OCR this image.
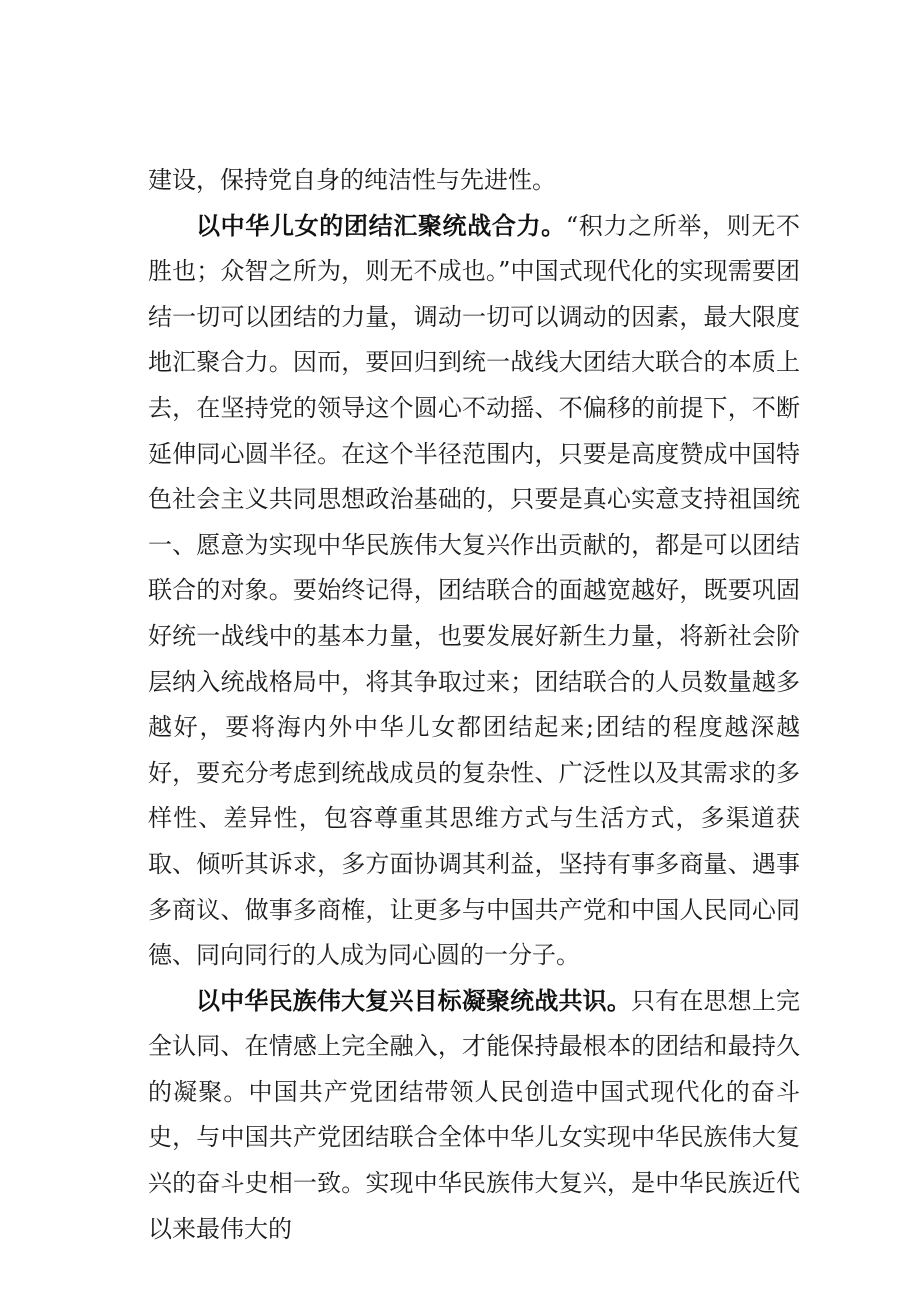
建设，保持党自身的纯洁性与先进性。

以中华儿女的团结汇聚统战合力。“积力之所举，则无不胜也；众智之所为，则无不成也。”中国式现代化的实现需要团结一切可以团结的力量，调动一切可以调动的因素，最大限度地汇聚合力。因而，要回归到统一战线大团结大联合的本质上去，在坚持党的领导这个圆心不动摇、不偏移的前提下，不断延伸同心圆半径。在这个半径范围内，只要是高度赞成中国特色社会主义共同思想政治基础的，只要是真心实意支持祖国统一、愿意为实现中华民族伟大复兴作出贡献的，都是可以团结联合的对象。要始终记得，团结联合的面越宽越好，既要巩固好统一战线中的基本力量，也要发展好新生力量，将新社会阶层纳入统战格局中，将其争取过来；团结联合的人员数量越多越好，要将海内外中华儿女都团结起来;团结的程度越深越好，要充分考虑到统战成员的复杂性、广泛性以及其需求的多样性、差异性，包容尊重其思维方式与生活方式，多渠道获取、倾听其诉求，多方面协调其利益，坚持有事多商量、遇事多商议、做事多商榷，让更多与中国共产党和中国人民同心同德、同向同行的人成为同心圆的一分子。

以中华民族伟大复兴目标凝聚统战共识。只有在思想上完全认同、在情感上完全融入，才能保持最根本的团结和最持久的凝聚。中国共产党团结带领人民创造中国式现代化的奋斗史，与中国共产党团结联合全体中华儿女实现中华民族伟大复兴的奋斗史相一致。实现中华民族伟大复兴，是中华民族近代以来最伟大的
